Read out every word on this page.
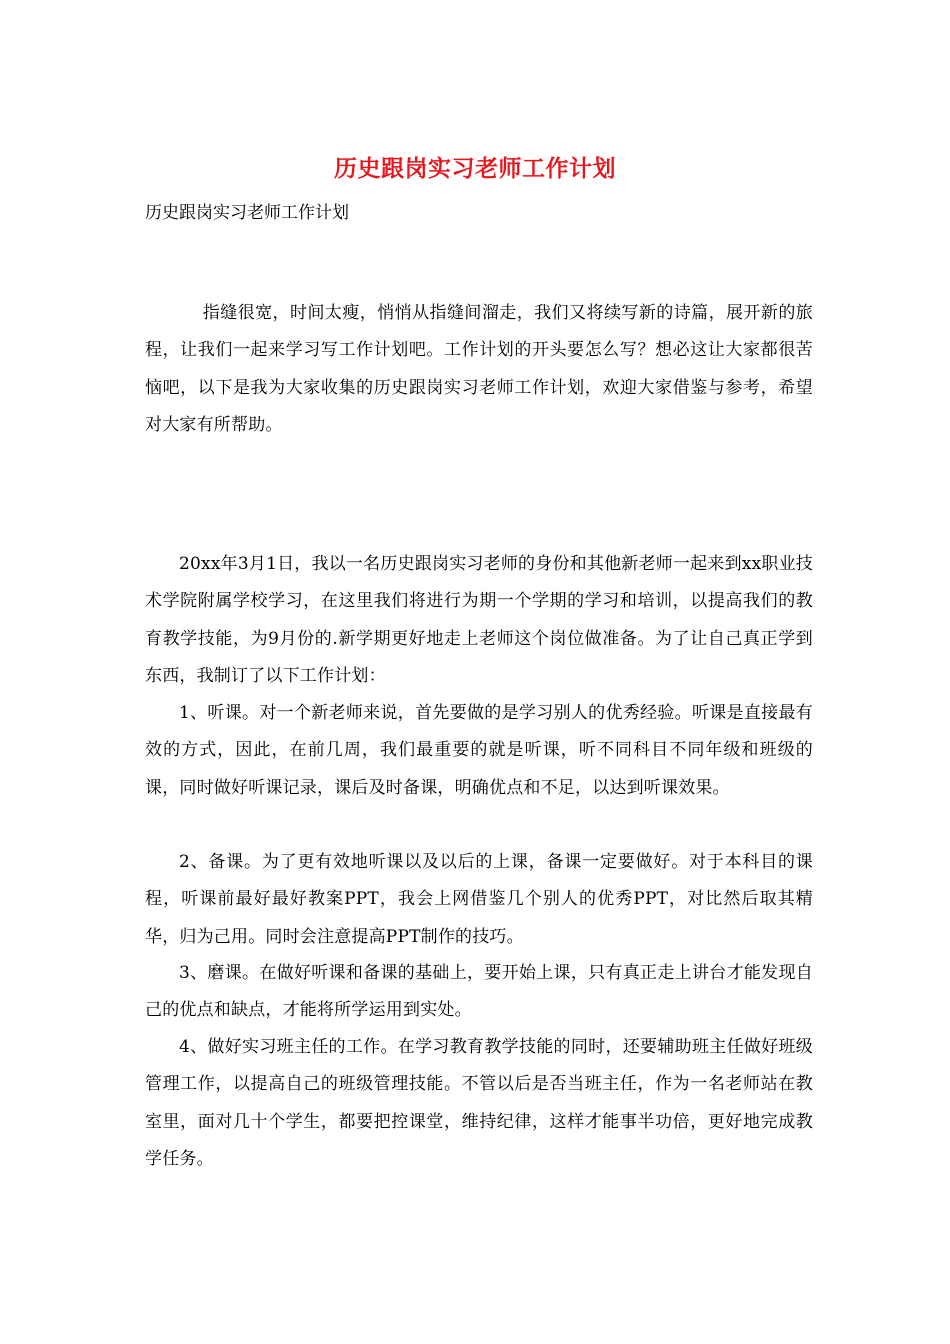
历史跟岗实习老师工作计划

历史跟岗实习老师工作计划

指缝很宽，时间太瘦，悄悄从指缝间溜走，我们又将续写新的诗篇，展开新的旅程，让我们一起来学习写工作计划吧。工作计划的开头要怎么写？想必这让大家都很苦恼吧，以下是我为大家收集的历史跟岗实习老师工作计划，欢迎大家借鉴与参考，希望对大家有所帮助。

20xx年3月1日，我以一名历史跟岗实习老师的身份和其他新老师一起来到xx职业技术学院附属学校学习，在这里我们将进行为期一个学期的学习和培训，以提高我们的教育教学技能，为9月份的.新学期更好地走上老师这个岗位做准备。为了让自己真正学到东西，我制订了以下工作计划：

1、听课。对一个新老师来说，首先要做的是学习别人的优秀经验。听课是直接最有效的方式，因此，在前几周，我们最重要的就是听课，听不同科目不同年级和班级的课，同时做好听课记录，课后及时备课，明确优点和不足，以达到听课效果。

2、备课。为了更有效地听课以及以后的上课，备课一定要做好。对于本科目的课程，听课前最好最好教案PPT，我会上网借鉴几个别人的优秀PPT，对比然后取其精华，归为己用。同时会注意提高PPT制作的技巧。

3、磨课。在做好听课和备课的基础上，要开始上课，只有真正走上讲台才能发现自己的优点和缺点，才能将所学运用到实处。

4、做好实习班主任的工作。在学习教育教学技能的同时，还要辅助班主任做好班级管理工作，以提高自己的班级管理技能。不管以后是否当班主任，作为一名老师站在教室里，面对几十个学生，都要把控课堂，维持纪律，这样才能事半功倍，更好地完成教学任务。
